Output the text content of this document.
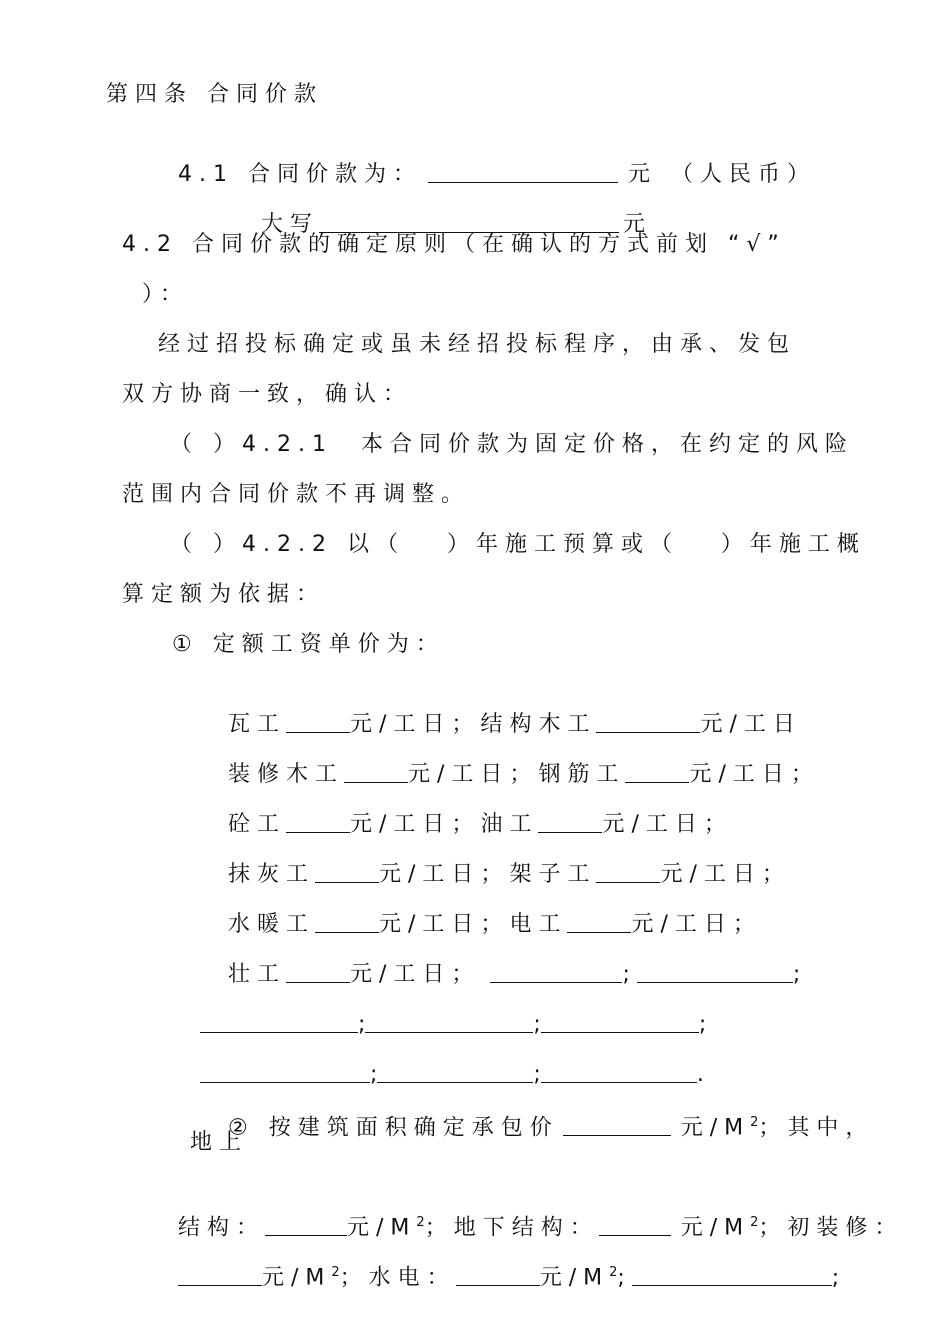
第四条 合同价款

4.1 合同价款为：	元 （人民币）

大写	元

4.2 合同价款的确定原则（在确认的方式前划 “√”
）：
经过招投标确定或虽未经招投标程序，由承、发包
双方协商一致，确认：
（ ）4.2.1  本合同价款为固定价格，在约定的风险
范围内合同价款不再调整。
（ ）4.2.2 以（   ）年施工预算或（   ）年施工概
算定额为依据：
① 定额工资单价为：

瓦工	元/工日；结构木工	元/工日

装修木工	元/工日；钢筋工	元/工日；

砼工	元/工日；油工	元/工日；

抹灰工	元/工日；架子工	元/工日；

水暖工	元/工日；电工	元/工日；

壮工	元/工日；	;	;

;	;	;

;	;	.

② 按建筑面积确定承包价	元$/M^2$；其中，

地上

结构：	元$/M^2$；地下结构：	元$/M^2$；初装修：

元$/M^2$；水电：	元$/M^2$;	;
